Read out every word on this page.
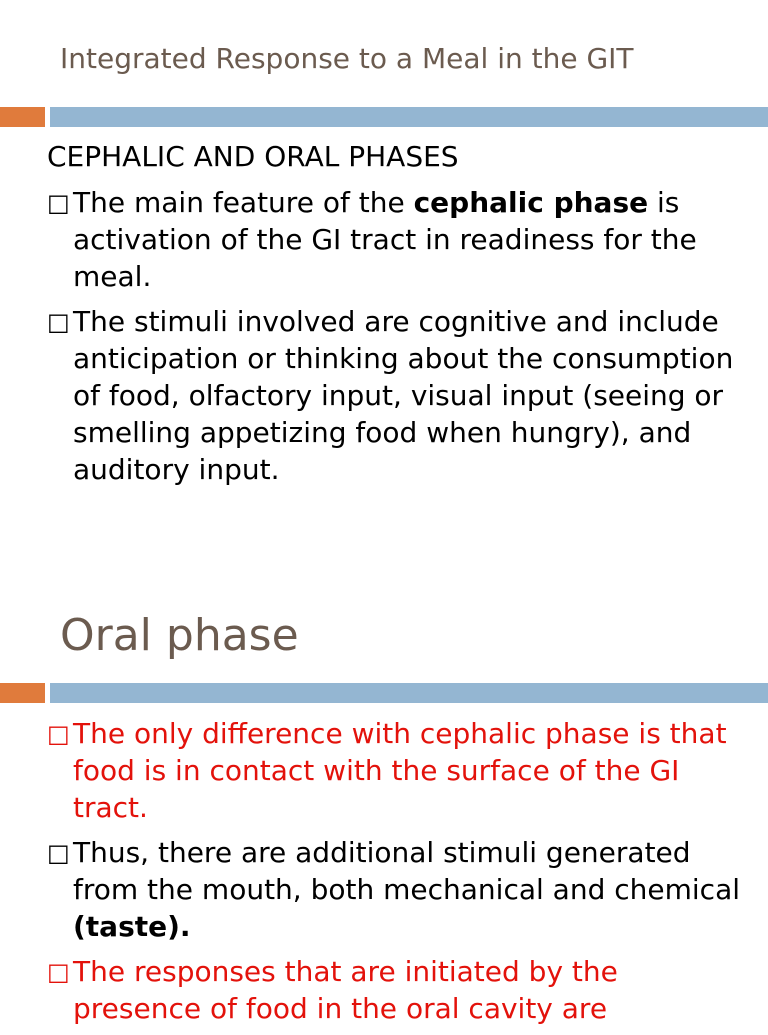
Integrated Response to a Meal in the GIT
CEPHALIC AND ORAL PHASES
□ The main feature of the cephalic phase is activation of the GI tract in readiness for the meal.
□ The stimuli involved are cognitive and include anticipation or thinking about the consumption of food, olfactory input, visual input (seeing or smelling appetizing food when hungry), and auditory input.
Oral phase
□ The only difference with cephalic phase is that food is in contact with the surface of the GI tract.
□ Thus, there are additional stimuli generated from the mouth, both mechanical and chemical (taste).
□ The responses that are initiated by the presence of food in the oral cavity are
